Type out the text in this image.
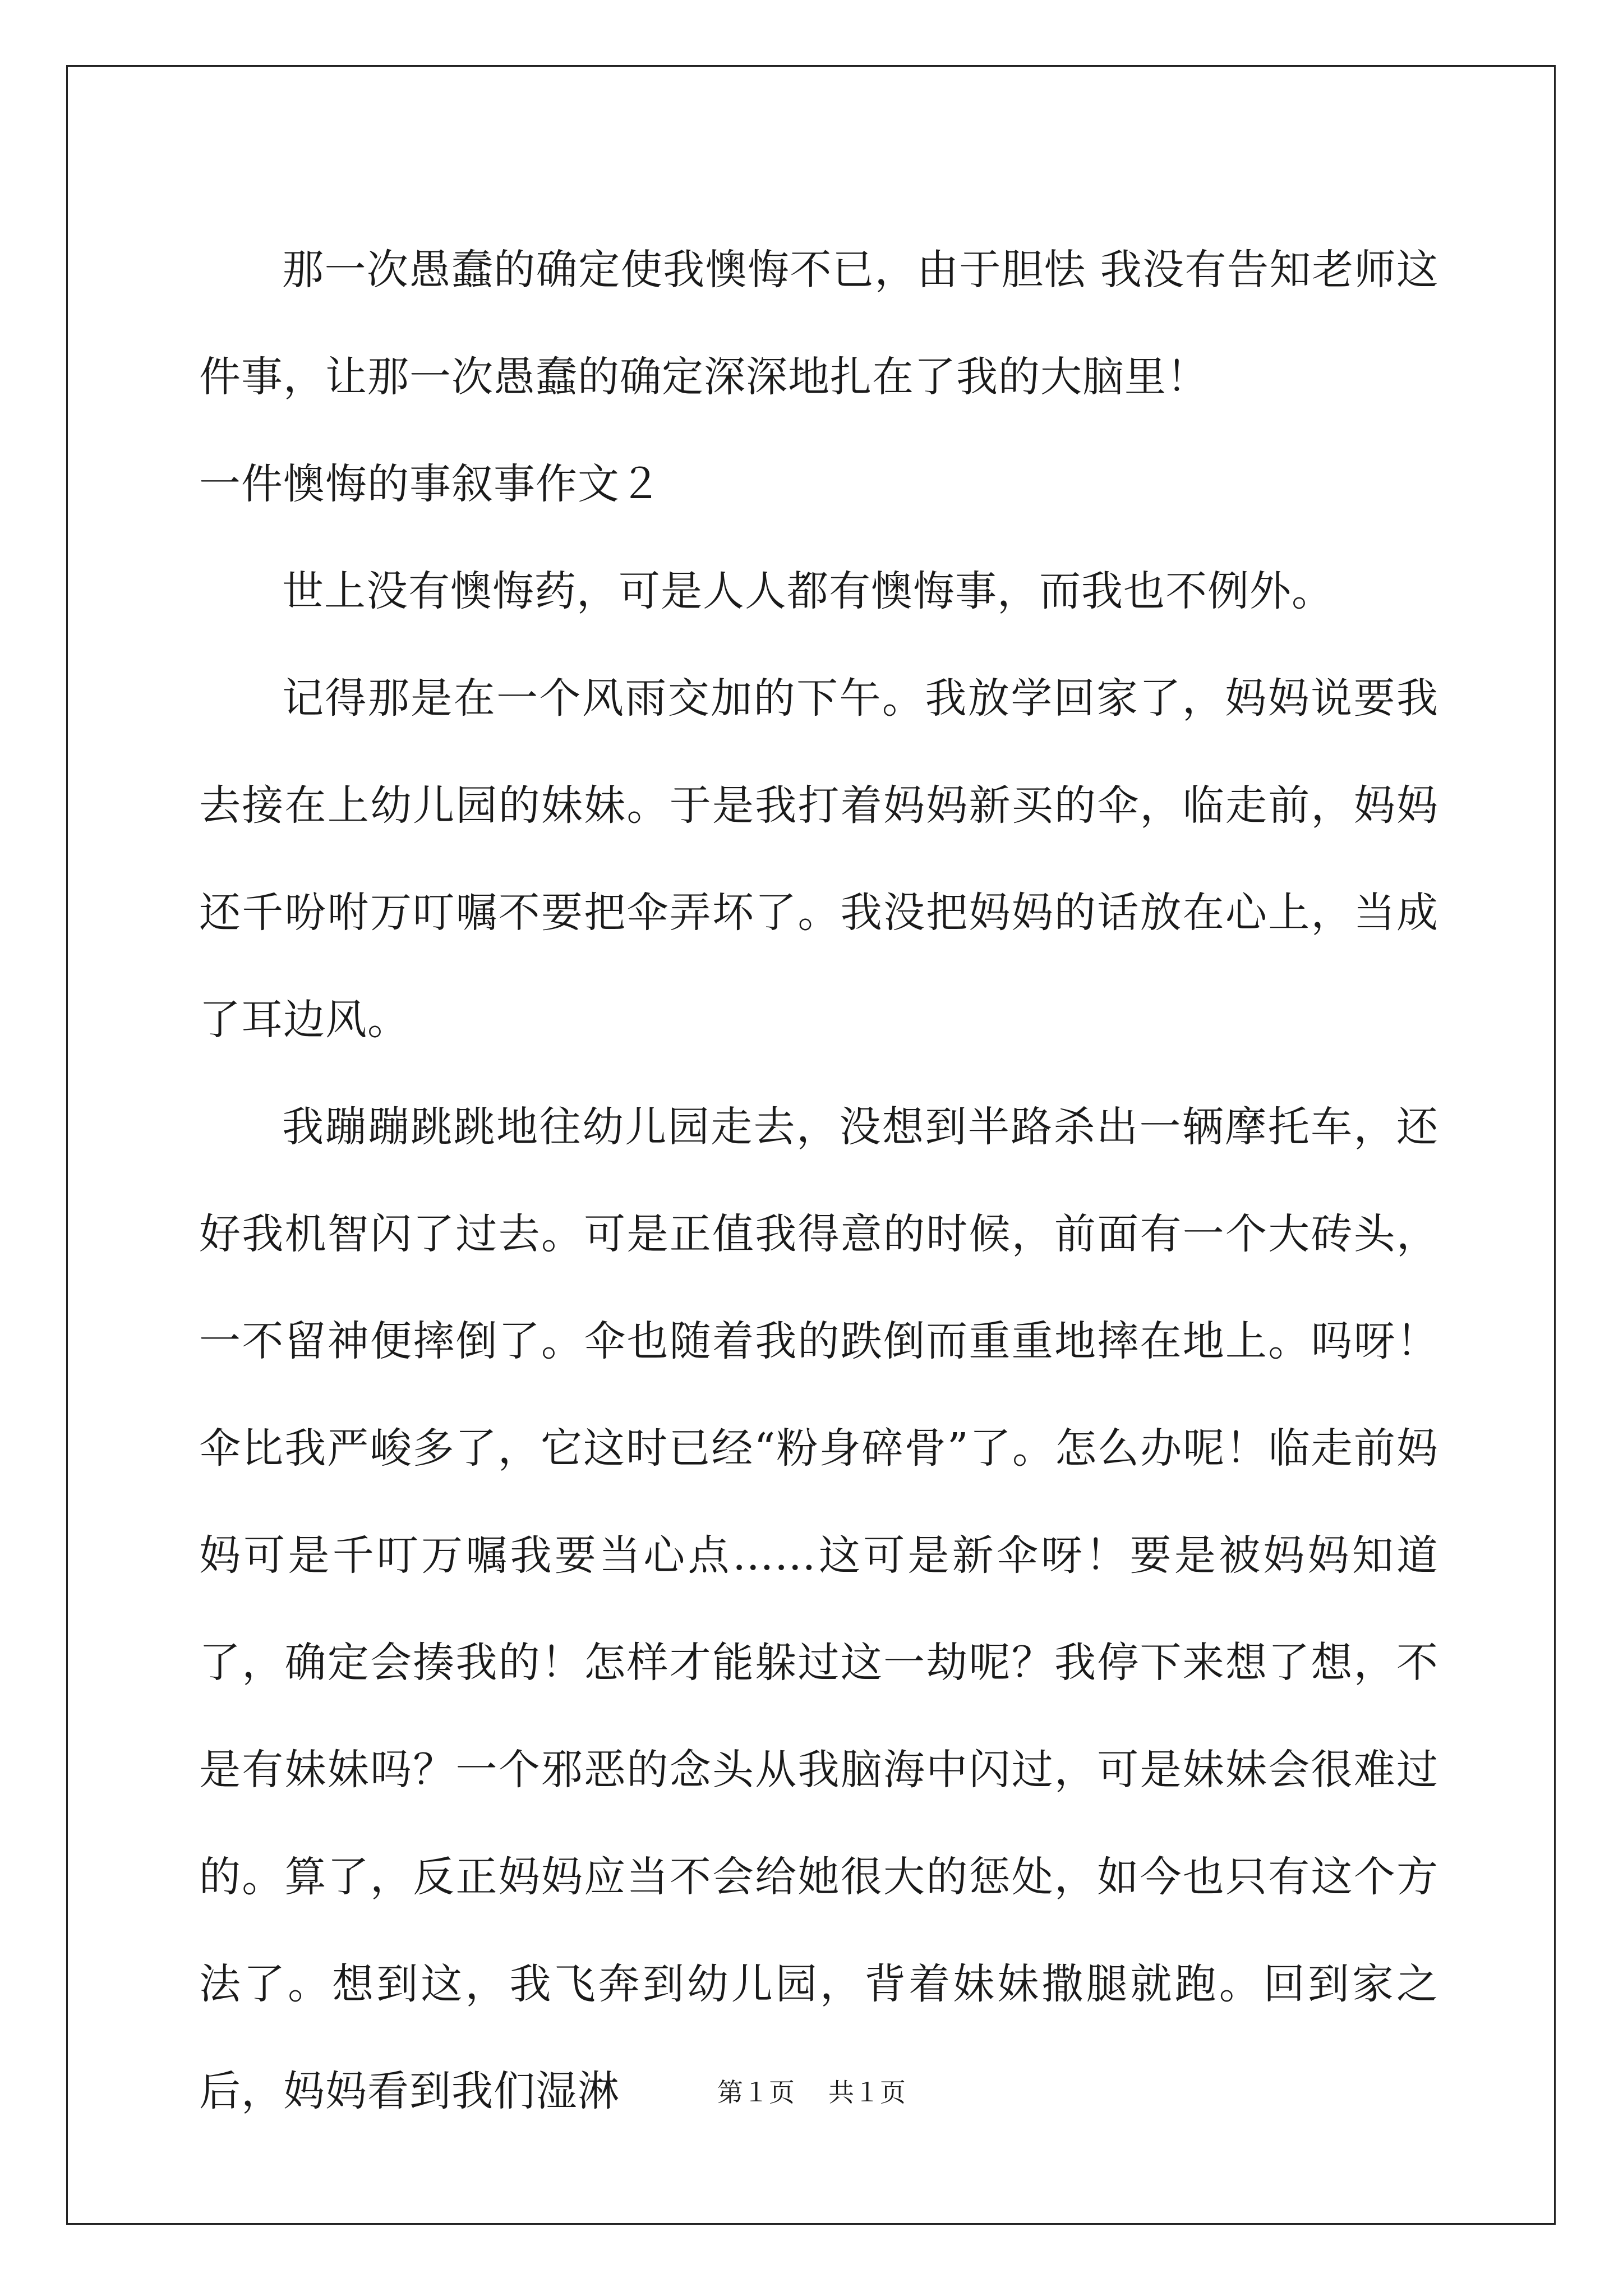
那一次愚蠢的确定使我懊悔不已，由于胆怯 我没有告知老师这件事，让那一次愚蠢的确定深深地扎在了我的大脑里！

一件懊悔的事叙事作文２

世上没有懊悔药，可是人人都有懊悔事，而我也不例外。

记得那是在一个风雨交加的下午。我放学回家了，妈妈说要我去接在上幼儿园的妹妹。于是我打着妈妈新买的伞，临走前，妈妈还千吩咐万叮嘱不要把伞弄坏了。我没把妈妈的话放在心上，当成了耳边风。

我蹦蹦跳跳地往幼儿园走去，没想到半路杀出一辆摩托车，还好我机智闪了过去。可是正值我得意的时候，前面有一个大砖头，一不留神便摔倒了。伞也随着我的跌倒而重重地摔在地上。吗呀！伞比我严峻多了，它这时已经“粉身碎骨”了。怎么办呢！临走前妈妈可是千叮万嘱我要当心点……这可是新伞呀！要是被妈妈知道了，确定会揍我的！怎样才能躲过这一劫呢？我停下来想了想，不是有妹妹吗？一个邪恶的念头从我脑海中闪过，可是妹妹会很难过的。算了，反正妈妈应当不会给她很大的惩处，如今也只有这个方法了。想到这，我飞奔到幼儿园，背着妹妹撒腿就跑。回到家之后，妈妈看到我们湿淋	第１页 共１页
